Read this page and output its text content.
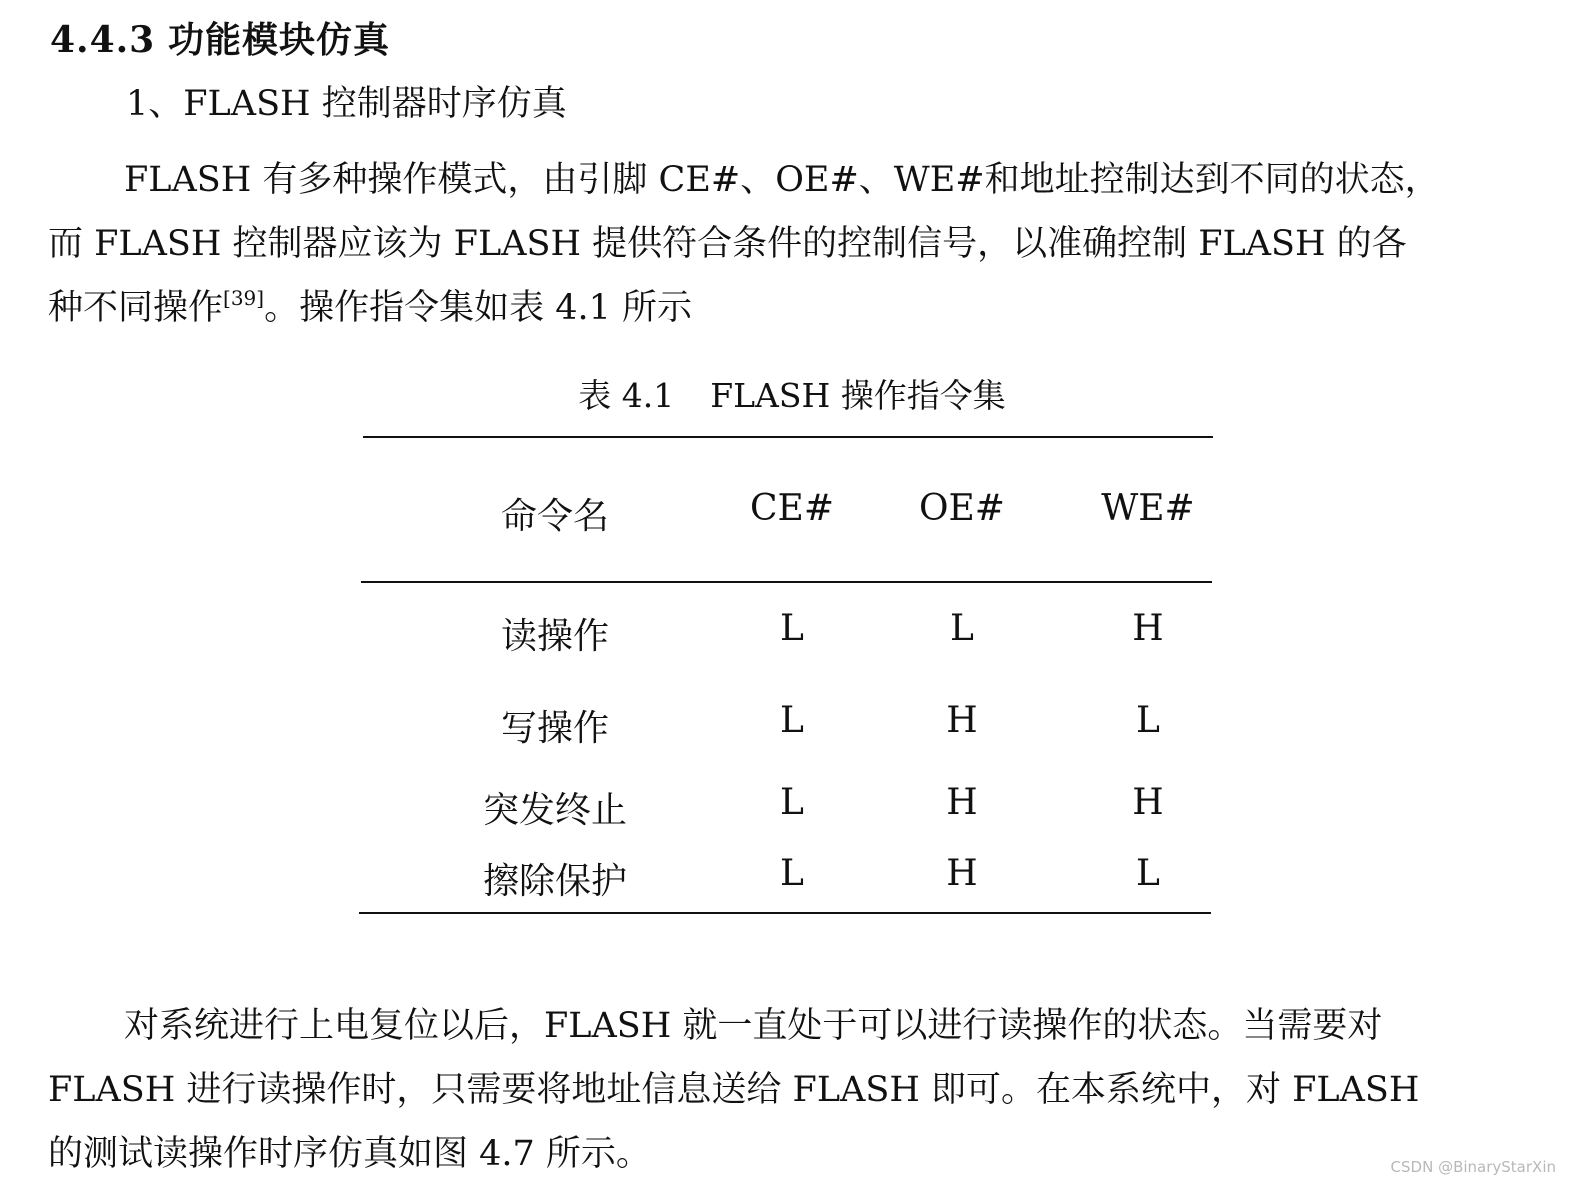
4.4.3 功能模块仿真
1、FLASH 控制器时序仿真
FLASH 有多种操作模式，由引脚 CE#、OE#、WE#和地址控制达到不同的状态，
而 FLASH 控制器应该为 FLASH 提供符合条件的控制信号，以准确控制 FLASH 的各
种不同操作[39]。操作指令集如表 4.1 所示
表 4.1 FLASH 操作指令集
命令名	CE#	OE#	WE#
读操作	L	L	H
写操作	L	H	L
突发终止	L	H	H
擦除保护	L	H	L
对系统进行上电复位以后，FLASH 就一直处于可以进行读操作的状态。当需要对
FLASH 进行读操作时，只需要将地址信息送给 FLASH 即可。在本系统中，对 FLASH
的测试读操作时序仿真如图 4.7 所示。	CSDN @BinaryStarXin
